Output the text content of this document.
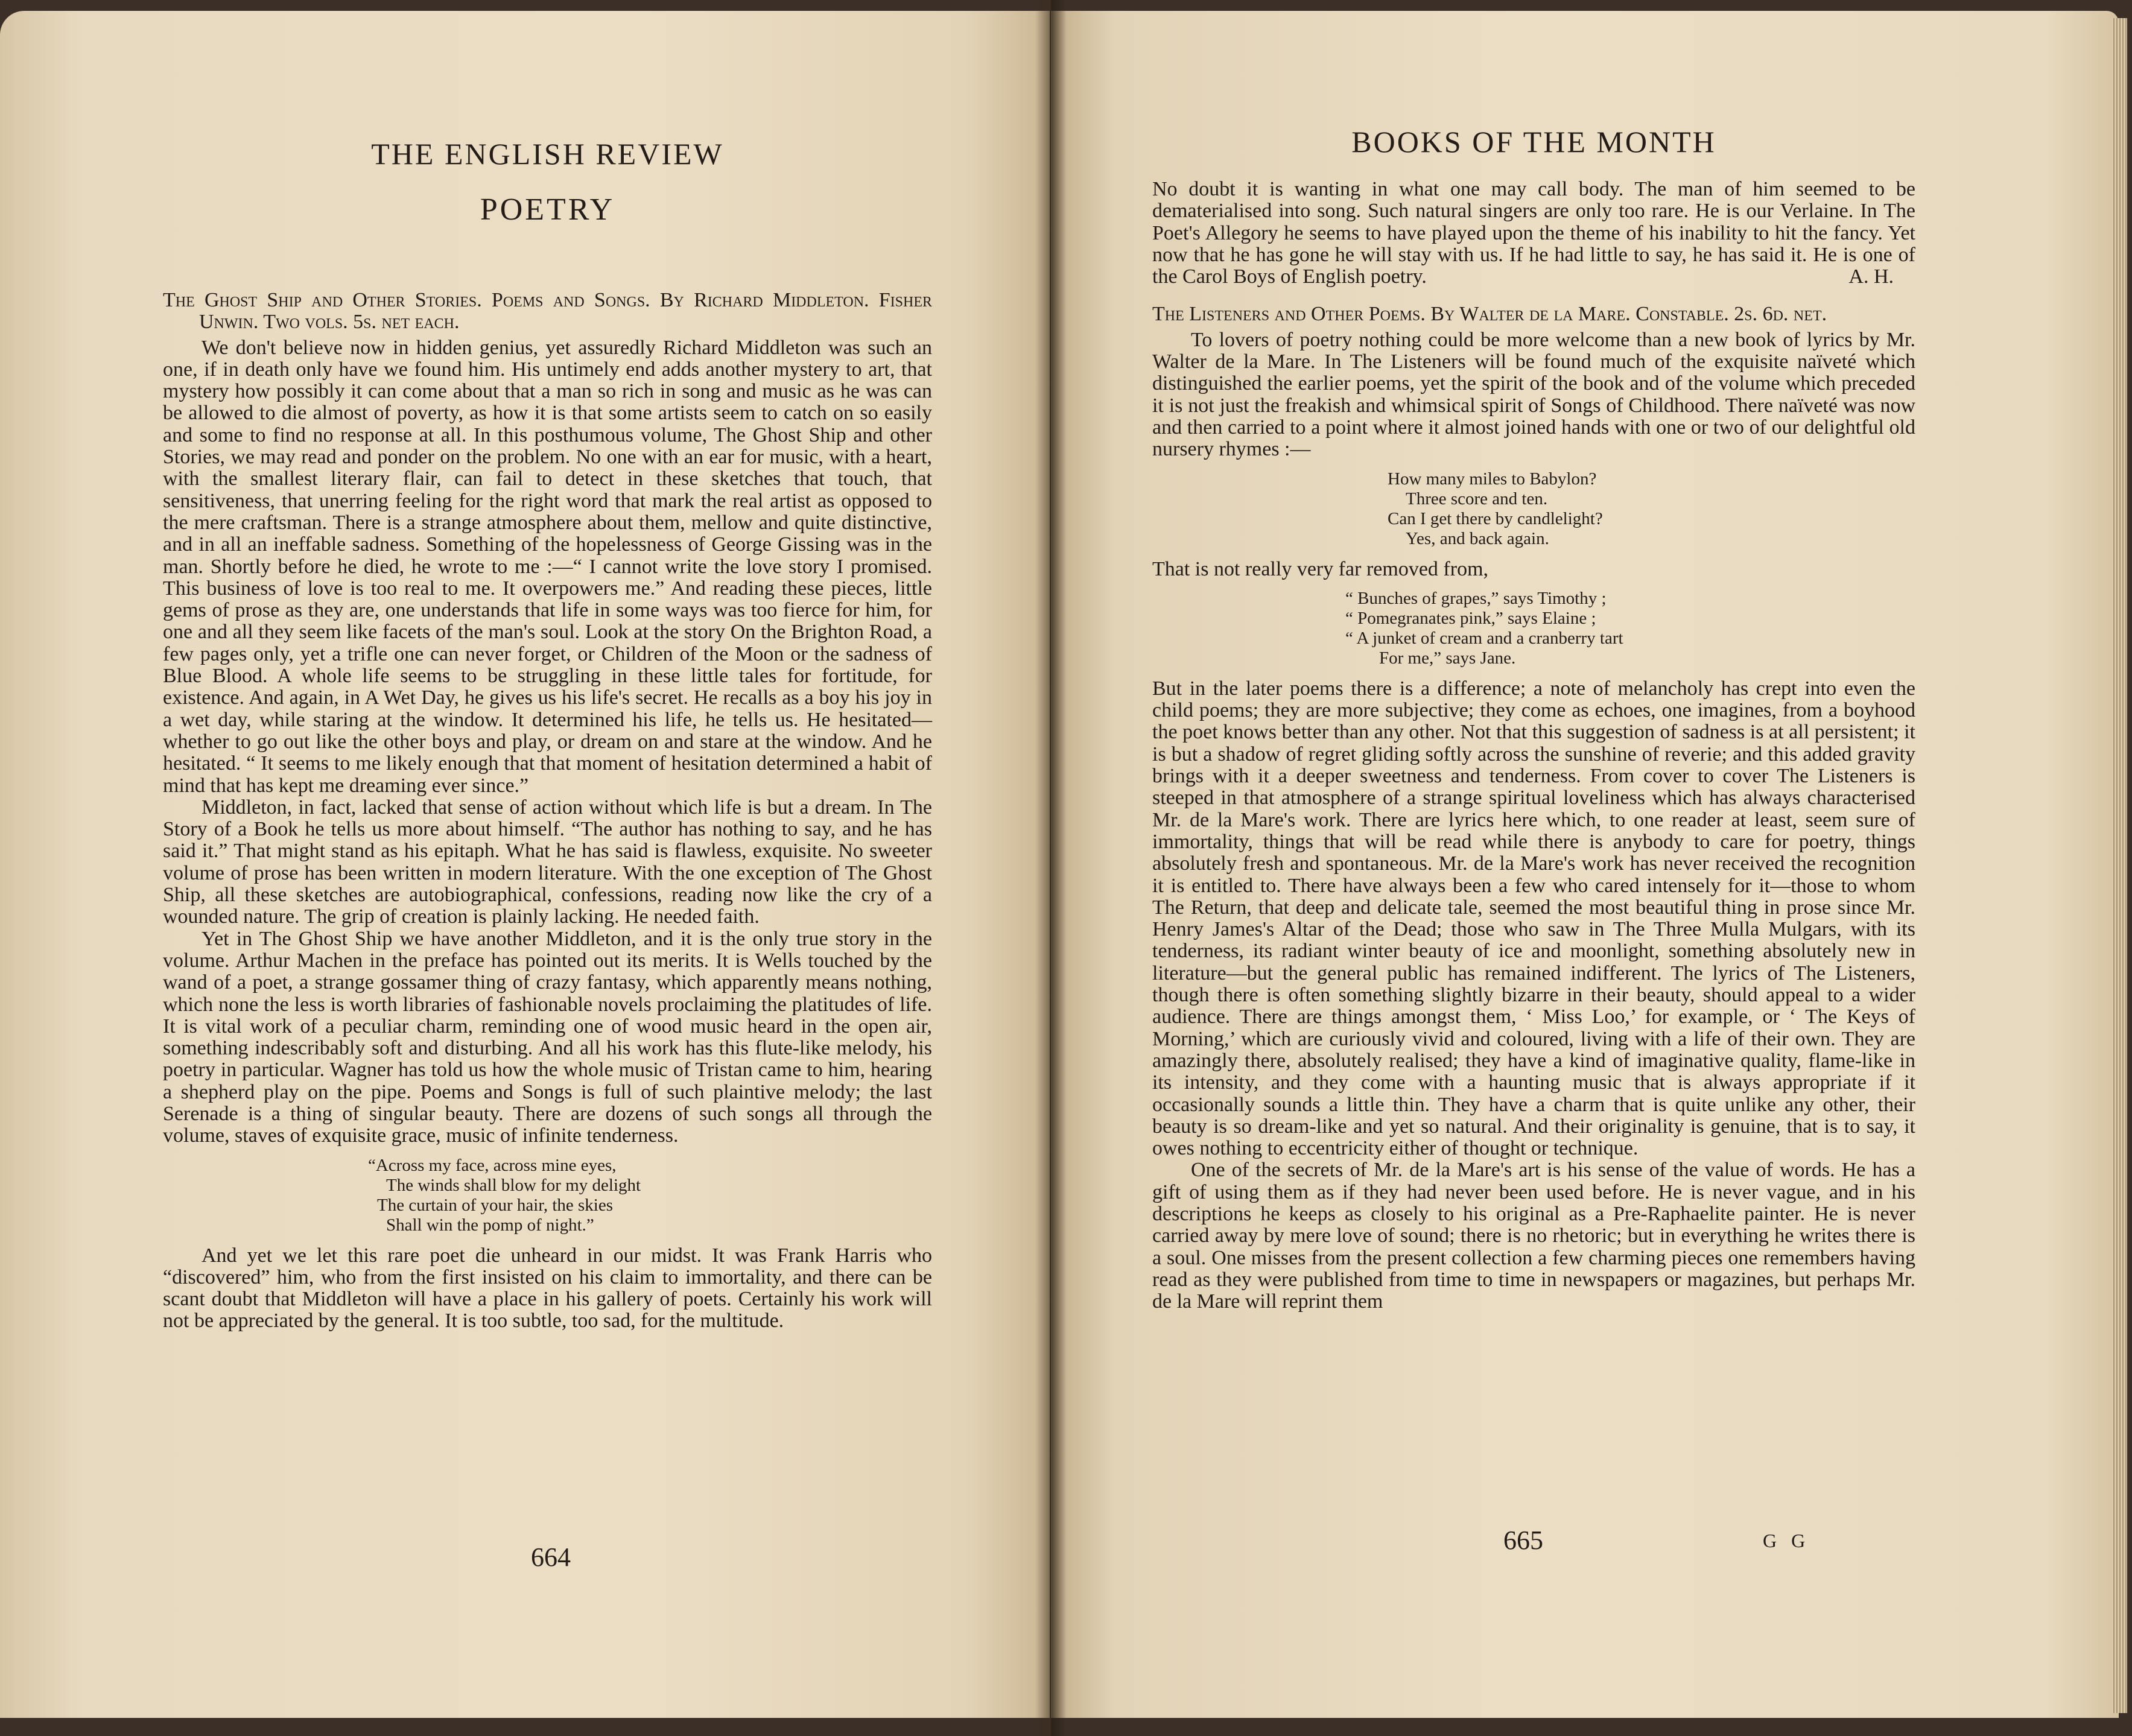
THE ENGLISH REVIEW
POETRY

The Ghost Ship and Other Stories. Poems and Songs. By Richard Middleton. Fisher Unwin. Two vols. 5s. net each.

We don't believe now in hidden genius, yet assuredly Richard Middleton was such an one, if in death only have we found him. His untimely end adds another mystery to art, that mystery how possibly it can come about that a man so rich in song and music as he was can be allowed to die almost of poverty, as how it is that some artists seem to catch on so easily and some to find no response at all. In this posthumous volume, The Ghost Ship and other Stories, we may read and ponder on the problem. No one with an ear for music, with a heart, with the smallest literary flair, can fail to detect in these sketches that touch, that sensitiveness, that unerring feeling for the right word that mark the real artist as opposed to the mere craftsman. There is a strange atmosphere about them, mellow and quite distinctive, and in all an ineffable sadness. Something of the hopelessness of George Gissing was in the man. Shortly before he died, he wrote to me :—“ I cannot write the love story I promised. This business of love is too real to me. It overpowers me.” And reading these pieces, little gems of prose as they are, one understands that life in some ways was too fierce for him, for one and all they seem like facets of the man's soul. Look at the story On the Brighton Road, a few pages only, yet a trifle one can never forget, or Children of the Moon or the sadness of Blue Blood. A whole life seems to be struggling in these little tales for fortitude, for existence. And again, in A Wet Day, he gives us his life's secret. He recalls as a boy his joy in a wet day, while staring at the window. It determined his life, he tells us. He hesitated—whether to go out like the other boys and play, or dream on and stare at the window. And he hesitated. “ It seems to me likely enough that that moment of hesitation determined a habit of mind that has kept me dreaming ever since.”

Middleton, in fact, lacked that sense of action without which life is but a dream. In The Story of a Book he tells us more about himself. “The author has nothing to say, and he has said it.” That might stand as his epitaph. What he has said is flawless, exquisite. No sweeter volume of prose has been written in modern literature. With the one exception of The Ghost Ship, all these sketches are autobiographical, confessions, reading now like the cry of a wounded nature. The grip of creation is plainly lacking. He needed faith.

Yet in The Ghost Ship we have another Middleton, and it is the only true story in the volume. Arthur Machen in the preface has pointed out its merits. It is Wells touched by the wand of a poet, a strange gossamer thing of crazy fantasy, which apparently means nothing, which none the less is worth libraries of fashionable novels proclaiming the platitudes of life. It is vital work of a peculiar charm, reminding one of wood music heard in the open air, something indescribably soft and disturbing. And all his work has this flute-like melody, his poetry in particular. Wagner has told us how the whole music of Tristan came to him, hearing a shepherd play on the pipe. Poems and Songs is full of such plaintive melody; the last Serenade is a thing of singular beauty. There are dozens of such songs all through the volume, staves of exquisite grace, music of infinite tenderness.

“Across my face, across mine eyes,
The winds shall blow for my delight
The curtain of your hair, the skies
Shall win the pomp of night.”

And yet we let this rare poet die unheard in our midst. It was Frank Harris who “discovered” him, who from the first insisted on his claim to immortality, and there can be scant doubt that Middleton will have a place in his gallery of poets. Certainly his work will not be appreciated by the general. It is too subtle, too sad, for the multitude.

664
BOOKS OF THE MONTH

No doubt it is wanting in what one may call body. The man of him seemed to be dematerialised into song. Such natural singers are only too rare. He is our Verlaine. In The Poet's Allegory he seems to have played upon the theme of his inability to hit the fancy. Yet now that he has gone he will stay with us. If he had little to say, he has said it. He is one of the Carol Boys of English poetry.	A. H.

The Listeners and Other Poems. By Walter de la Mare. Constable. 2s. 6d. net.

To lovers of poetry nothing could be more welcome than a new book of lyrics by Mr. Walter de la Mare. In The Listeners will be found much of the exquisite naïveté which distinguished the earlier poems, yet the spirit of the book and of the volume which preceded it is not just the freakish and whimsical spirit of Songs of Childhood. There naïveté was now and then carried to a point where it almost joined hands with one or two of our delightful old nursery rhymes :—

How many miles to Babylon?
Three score and ten.
Can I get there by candlelight?
Yes, and back again.

That is not really very far removed from,

“ Bunches of grapes,” says Timothy ;
“ Pomegranates pink,” says Elaine ;
“ A junket of cream and a cranberry tart
For me,” says Jane.

But in the later poems there is a difference; a note of melancholy has crept into even the child poems; they are more subjective; they come as echoes, one imagines, from a boyhood the poet knows better than any other. Not that this suggestion of sadness is at all persistent; it is but a shadow of regret gliding softly across the sunshine of reverie; and this added gravity brings with it a deeper sweetness and tenderness. From cover to cover The Listeners is steeped in that atmosphere of a strange spiritual loveliness which has always characterised Mr. de la Mare's work. There are lyrics here which, to one reader at least, seem sure of immortality, things that will be read while there is anybody to care for poetry, things absolutely fresh and spontaneous. Mr. de la Mare's work has never received the recognition it is entitled to. There have always been a few who cared intensely for it—those to whom The Return, that deep and delicate tale, seemed the most beautiful thing in prose since Mr. Henry James's Altar of the Dead; those who saw in The Three Mulla Mulgars, with its tenderness, its radiant winter beauty of ice and moonlight, something absolutely new in literature—but the general public has remained indifferent. The lyrics of The Listeners, though there is often something slightly bizarre in their beauty, should appeal to a wider audience. There are things amongst them, ‘ Miss Loo,’ for example, or ‘ The Keys of Morning,’ which are curiously vivid and coloured, living with a life of their own. They are amazingly there, absolutely realised; they have a kind of imaginative quality, flame-like in its intensity, and they come with a haunting music that is always appropriate if it occasionally sounds a little thin. They have a charm that is quite unlike any other, their beauty is so dream-like and yet so natural. And their originality is genuine, that is to say, it owes nothing to eccentricity either of thought or technique.

One of the secrets of Mr. de la Mare's art is his sense of the value of words. He has a gift of using them as if they had never been used before. He is never vague, and in his descriptions he keeps as closely to his original as a Pre-Raphaelite painter. He is never carried away by mere love of sound; there is no rhetoric; but in everything he writes there is a soul. One misses from the present collection a few charming pieces one remembers having read as they were published from time to time in newspapers or magazines, but perhaps Mr. de la Mare will reprint them

665	G G
